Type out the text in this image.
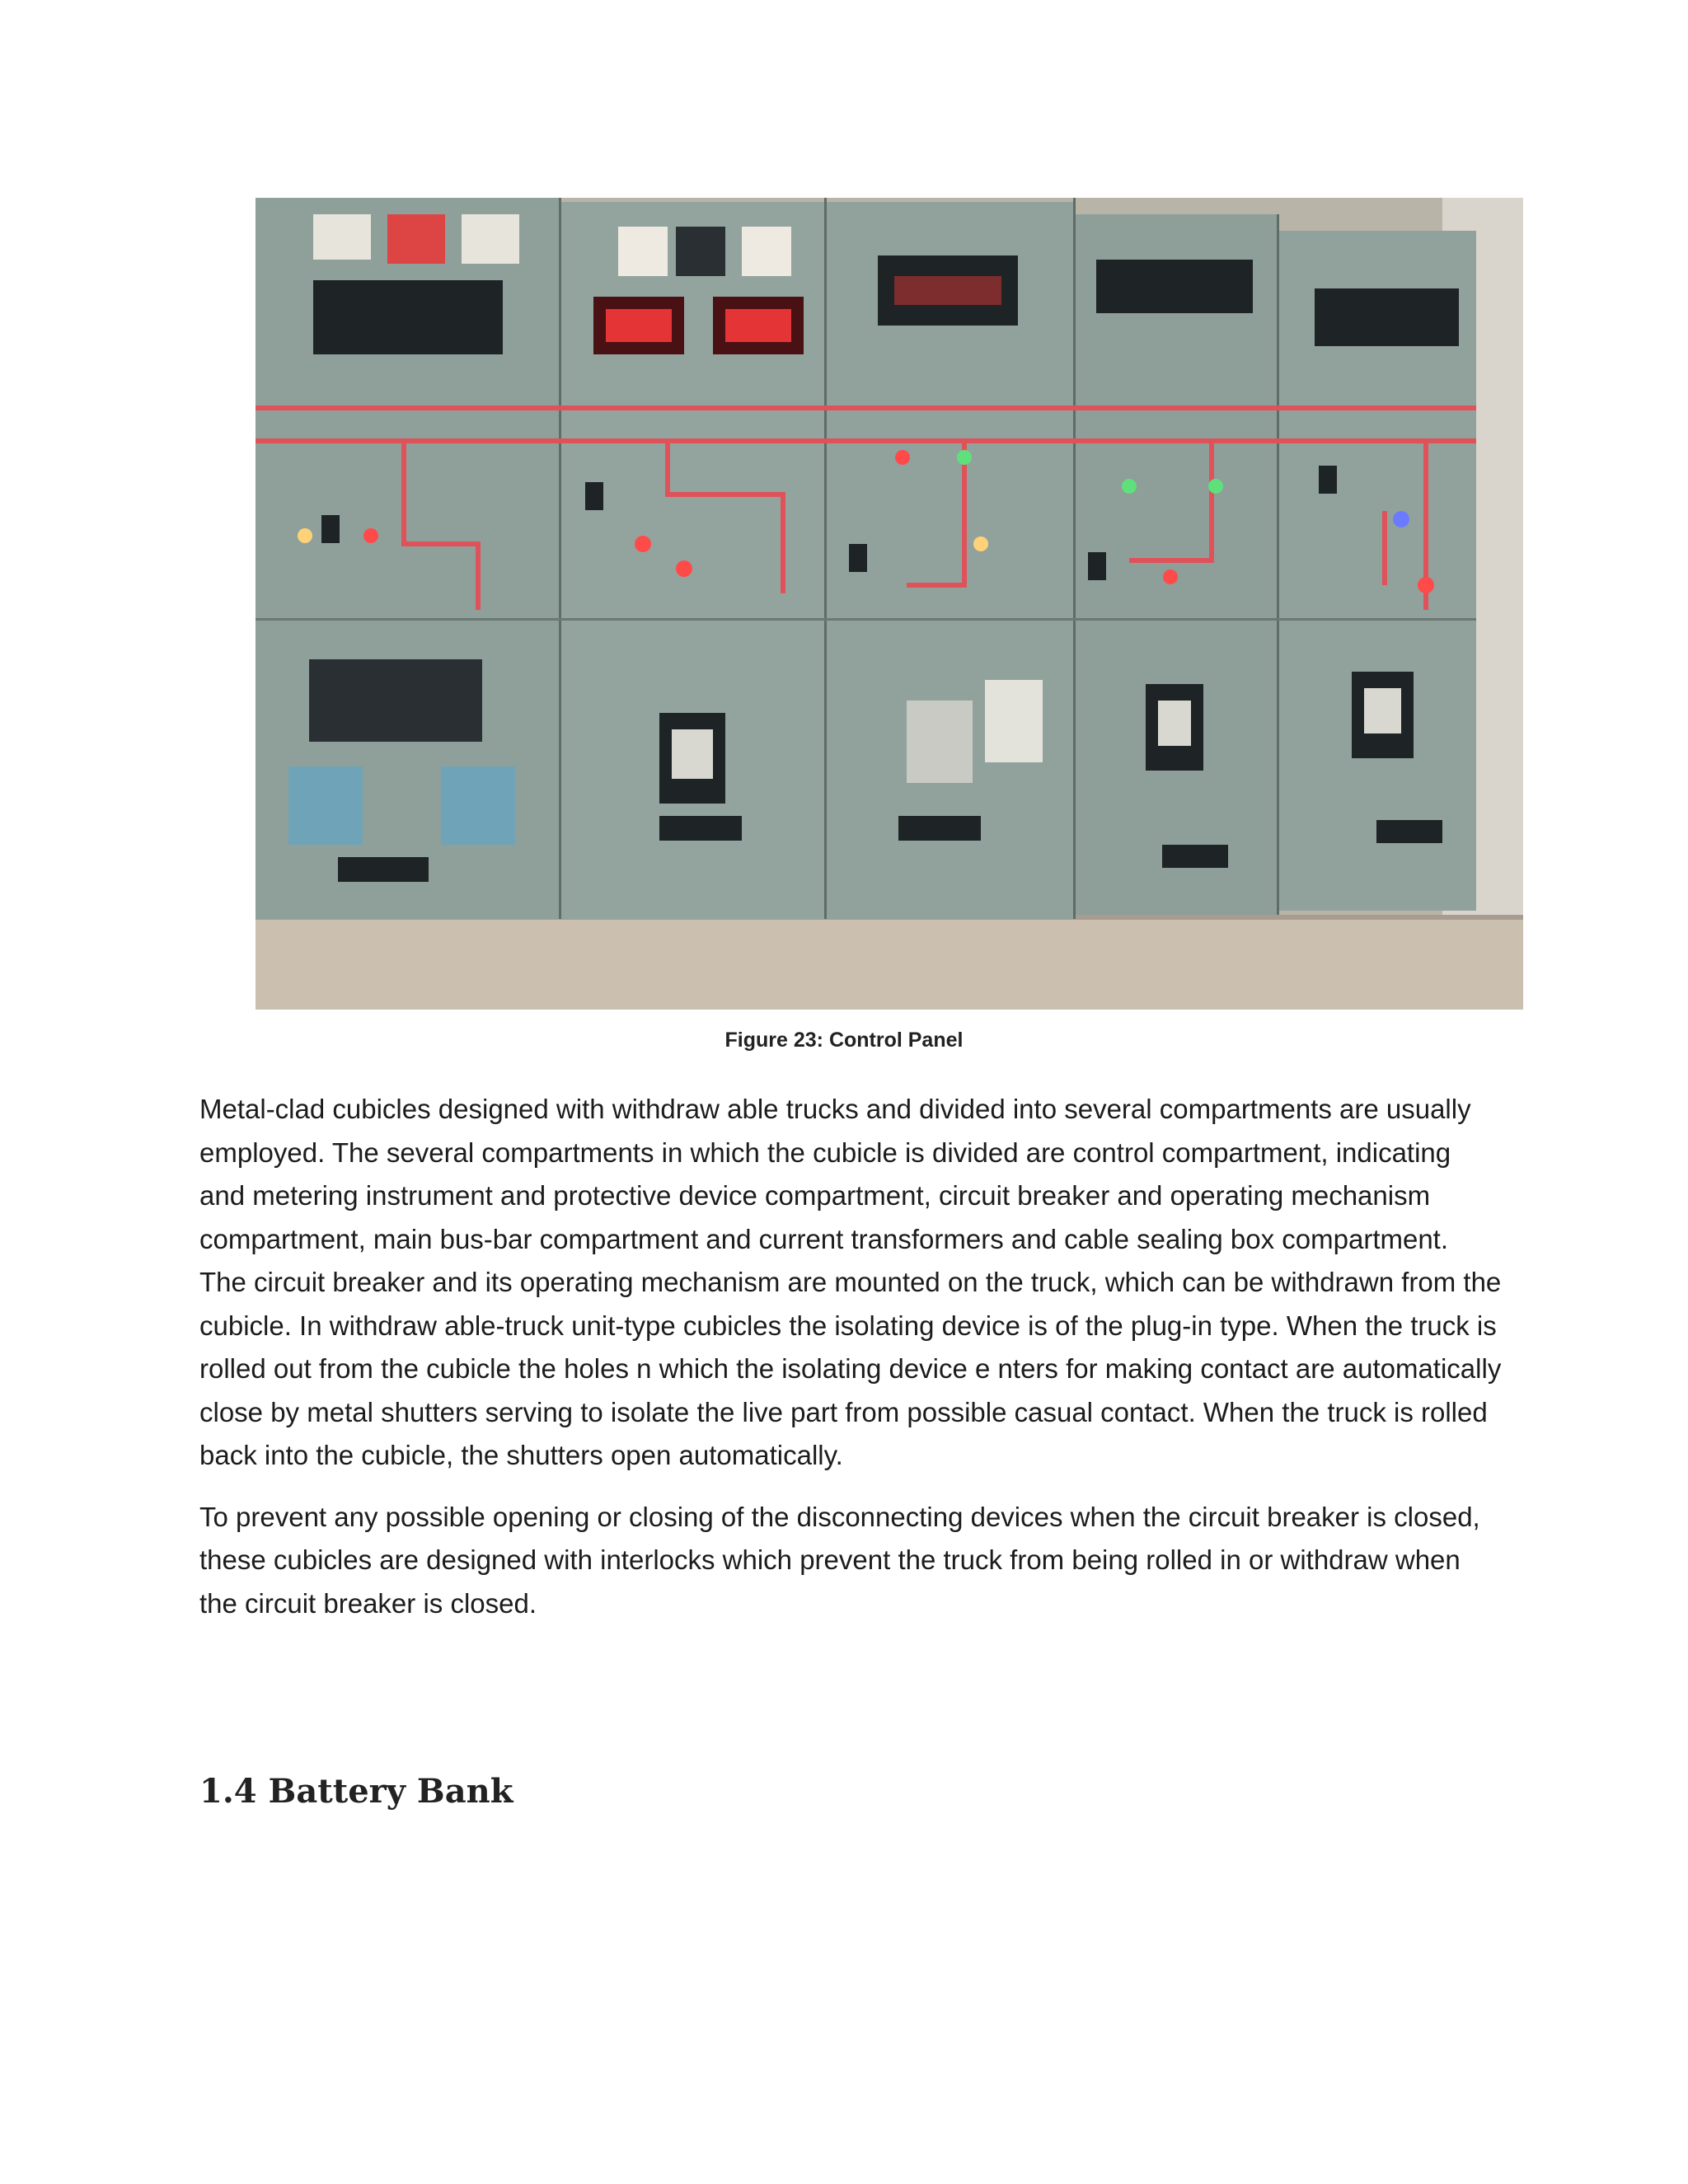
Figure 23: Control Panel

Metal-clad cubicles designed with withdraw able trucks and divided into several compartments are usually employed. The several compartments in which the cubicle is divided are control compartment, indicating and metering instrument and protective device compartment, circuit breaker and operating mechanism compartment, main bus-bar compartment and current transformers and cable sealing box compartment. The circuit breaker and its operating mechanism are mounted on the truck, which can be withdrawn from the cubicle. In withdraw able-truck unit-type cubicles the isolating device is of the plug-in type. When the truck is rolled out from the cubicle the holes n which the isolating device e nters for making contact are automatically close by metal shutters serving to isolate the live part from possible casual contact. When the truck is rolled back into the cubicle, the shutters open automatically.

To prevent any possible opening or closing of the disconnecting devices when the circuit breaker is closed, these cubicles are designed with interlocks which prevent the truck from being rolled in or withdraw when the circuit breaker is closed.

1.4 Battery Bank
